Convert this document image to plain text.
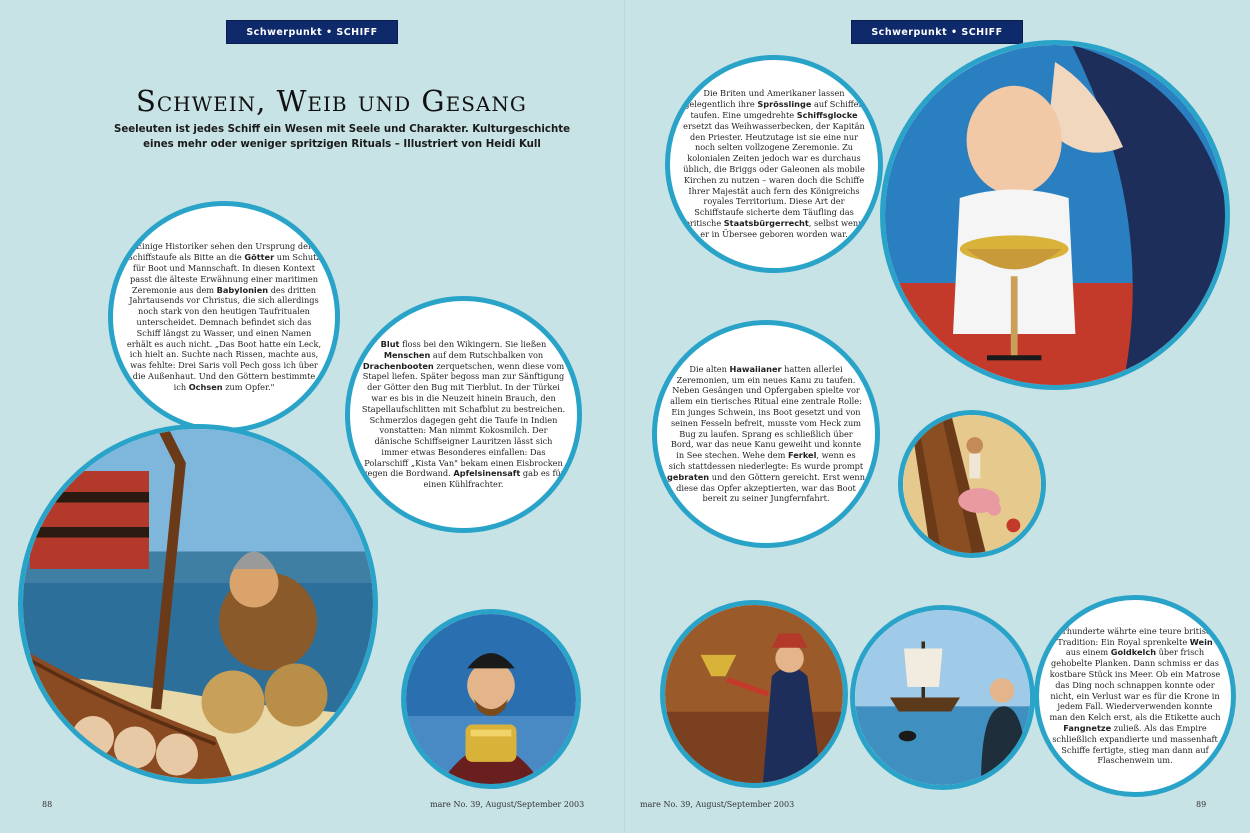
Schwerpunkt • SCHIFF	Schwerpunkt • SCHIFF
Schwein, Weib und Gesang
Seeleuten ist jedes Schiff ein Wesen mit Seele und Charakter. Kulturgeschichte eines mehr oder weniger spritzigen Rituals – Illustriert von Heidi Kull
Einige Historiker sehen den Ursprung der Schiffstaufe als Bitte an die Götter um Schutz für Boot und Mannschaft. In diesen Kontext passt die älteste Erwähnung einer maritimen Zeremonie aus dem Babylonien des dritten Jahrtausends vor Christus, die sich allerdings noch stark von den heutigen Taufritualen unterscheidet. Demnach befindet sich das Schiff längst zu Wasser, und einen Namen erhält es auch nicht. „Das Boot hatte ein Leck, ich hielt an. Suchte nach Rissen, machte aus, was fehlte: Drei Saris voll Pech goss ich über die Außenhaut. Und den Göttern bestimmte ich Ochsen zum Opfer."
Blut floss bei den Wikingern. Sie ließen Menschen auf dem Rutschbalken von Drachenbooten zerquetschen, wenn diese vom Stapel liefen. Später begoss man zur Sänftigung der Götter den Bug mit Tierblut. In der Türkei war es bis in die Neuzeit hinein Brauch, den Stapellaufschlitten mit Schafblut zu bestreichen. Schmerzlos dagegen geht die Taufe in Indien vonstatten: Man nimmt Kokosmilch. Der dänische Schiffseigner Lauritzen lässt sich immer etwas Besonderes einfallen: Das Polarschiff „Kista Van" bekam einen Eisbrocken gegen die Bordwand. Apfelsinensaft gab es für einen Kühlfrachter.
Die Briten und Amerikaner lassen gelegentlich ihre Sprösslinge auf Schiffen taufen. Eine umgedrehte Schiffsglocke ersetzt das Weihwasserbecken, der Kapitän den Priester. Heutzutage ist sie eine nur noch selten vollzogene Zeremonie. Zu kolonialen Zeiten jedoch war es durchaus üblich, die Briggs oder Galeonen als mobile Kirchen zu nutzen – waren doch die Schiffe Ihrer Majestät auch fern des Königreichs royales Territorium. Diese Art der Schiffstaufe sicherte dem Täufling das britische Staatsbürgerrecht, selbst wenn er in Übersee geboren worden war.
Die alten Hawaiianer hatten allerlei Zeremonien, um ein neues Kanu zu taufen. Neben Gesängen und Opfergaben spielte vor allem ein tierisches Ritual eine zentrale Rolle: Ein junges Schwein, ins Boot gesetzt und von seinen Fesseln befreit, musste vom Heck zum Bug zu laufen. Sprang es schließlich über Bord, war das neue Kanu geweiht und konnte in See stechen. Wehe dem Ferkel, wenn es sich stattdessen niederlegte: Es wurde prompt gebraten und den Göttern gereicht. Erst wenn diese das Opfer akzeptierten, war das Boot bereit zu seiner Jungfernfahrt.
Jahrhunderte währte eine teure britische Tradition: Ein Royal sprenkelte Wein aus einem Goldkelch über frisch gehobelte Planken. Dann schmiss er das kostbare Stück ins Meer. Ob ein Matrose das Ding noch schnappen konnte oder nicht, ein Verlust war es für die Krone in jedem Fall. Wiederverwenden konnte man den Kelch erst, als die Etikette auch Fangnetze zuließ. Als das Empire schließlich expandierte und massenhaft Schiffe fertigte, stieg man dann auf Flaschenwein um.
88	mare No. 39, August/September 2003	mare No. 39, August/September 2003	89
